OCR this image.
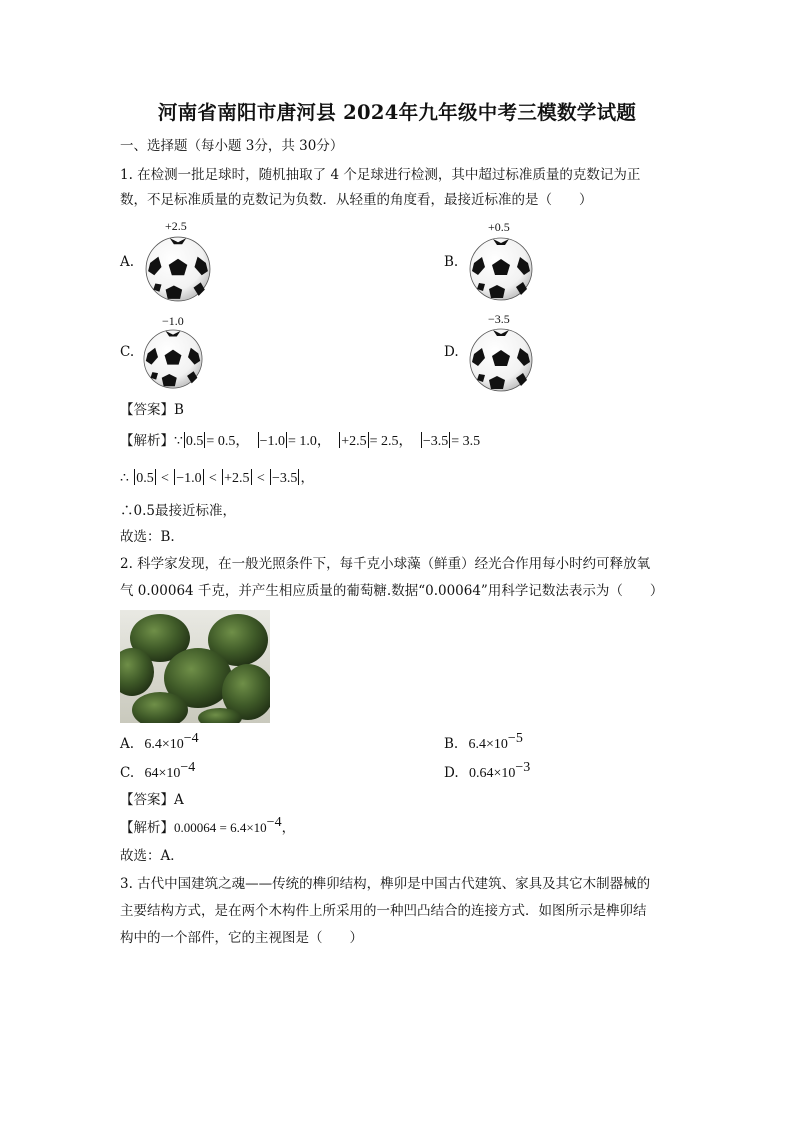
河南省南阳市唐河县 2024年九年级中考三模数学试题
一、选择题（每小题 3分，共 30分）
1. 在检测一批足球时，随机抽取了 4 个足球进行检测，其中超过标准质量的克数记为正
数，不足标准质量的克数记为负数．从轻重的角度看，最接近标准的是（　　）
A.
+2.5
B.
+0.5
C.
−1.0
D.
−3.5
【答案】B
【解析】∵ 0.5 = 0.5， −1.0 = 1.0， +2.5 = 2.5， −3.5 = 3.5
∴ 0.5 < −1.0 < +2.5 < −3.5 ，
∴0.5最接近标准，
故选：B.
2. 科学家发现，在一般光照条件下，每千克小球藻（鲜重）经光合作用每小时约可释放氧
气 0.00064 千克，并产生相应质量的葡萄糖.数据“0.00064”用科学记数法表示为（　　）
A. $6.4\times 10^{-4}$	B. $6.4\times 10^{-5}$
C. $64\times 10^{-4}$	D. $0.64\times 10^{-3}$
【答案】A
【解析】$0.00064 = 6.4\times 10^{-4}$，
故选：A．
3. 古代中国建筑之魂——传统的榫卯结构，榫卯是中国古代建筑、家具及其它木制器械的
主要结构方式，是在两个木构件上所采用的一种凹凸结合的连接方式．如图所示是榫卯结
构中的一个部件，它的主视图是（　　）
